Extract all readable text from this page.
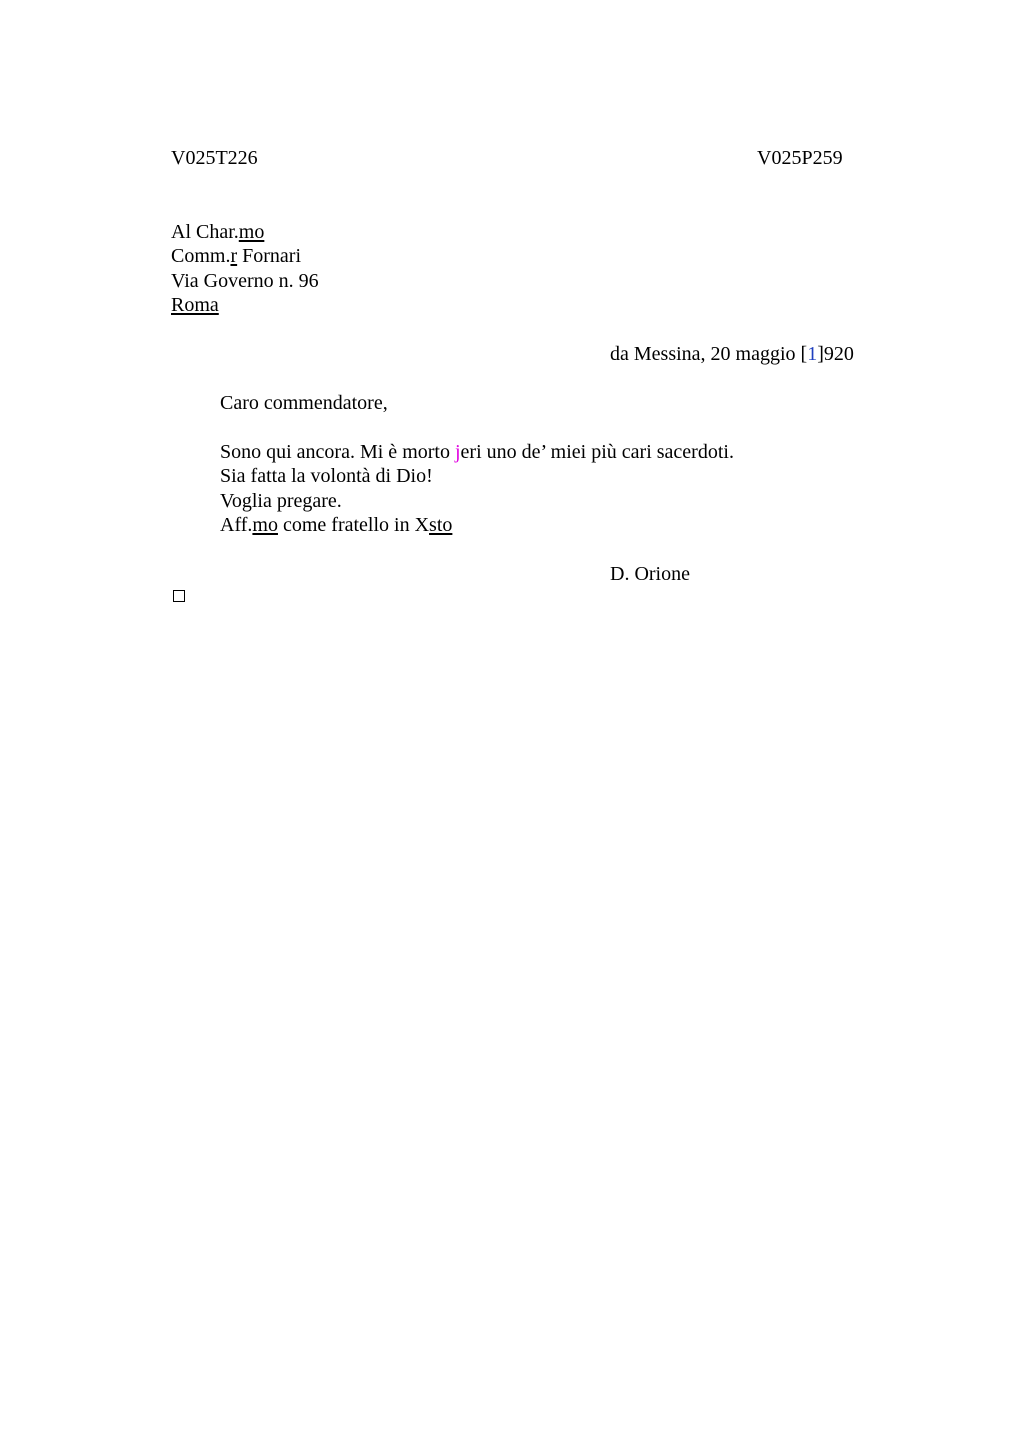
V025T226	V025P259
Al Char.mo
Comm.r Fornari
Via Governo n. 96
Roma
da Messina, 20 maggio [1]920
Caro commendatore,
Sono qui ancora. Mi è morto jeri uno de’ miei più cari sacerdoti.
Sia fatta la volontà di Dio!
Voglia pregare.
Aff.mo come fratello in Xsto
D. Orione
